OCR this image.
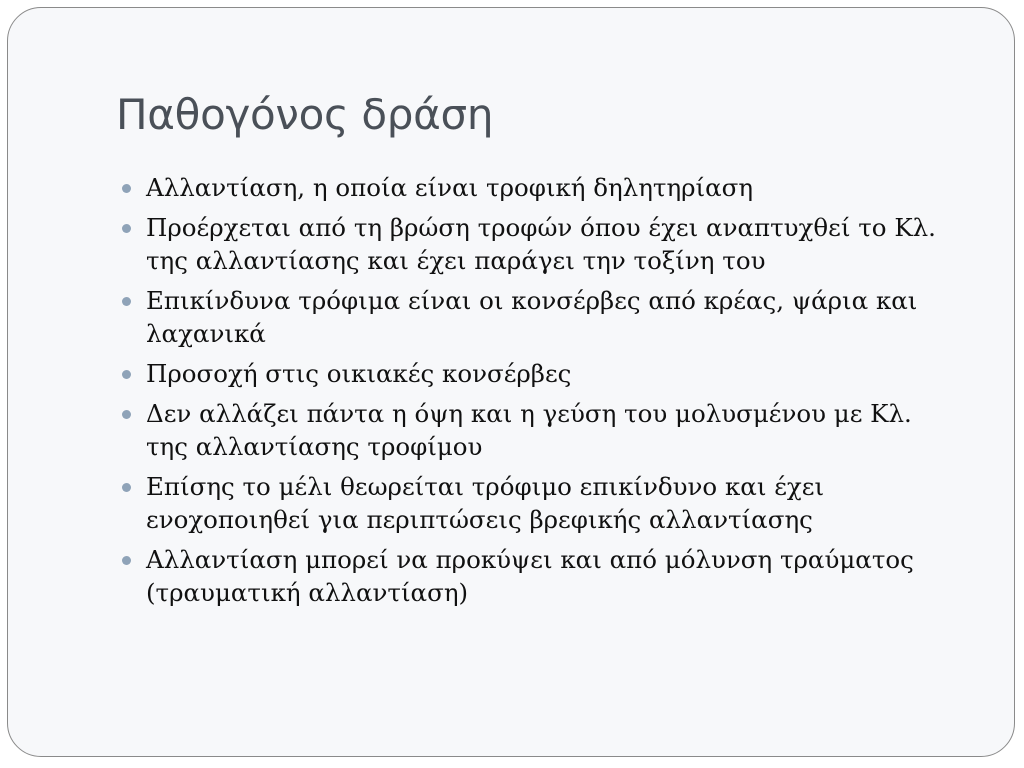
Παθογόνος δράση
Αλλαντίαση, η οποία είναι τροφική δηλητηρίαση
Προέρχεται από τη βρώση τροφών όπου έχει αναπτυχθεί το Κλ. της αλλαντίασης και έχει παράγει την τοξίνη του
Επικίνδυνα τρόφιμα είναι οι κονσέρβες από κρέας, ψάρια και λαχανικά
Προσοχή στις οικιακές κονσέρβες
Δεν αλλάζει πάντα η όψη και η γεύση του μολυσμένου με Κλ. της αλλαντίασης τροφίμου
Επίσης το μέλι θεωρείται τρόφιμο επικίνδυνο και έχει ενοχοποιηθεί για περιπτώσεις βρεφικής αλλαντίασης
Αλλαντίαση μπορεί να προκύψει και από μόλυνση τραύματος (τραυματική αλλαντίαση)
